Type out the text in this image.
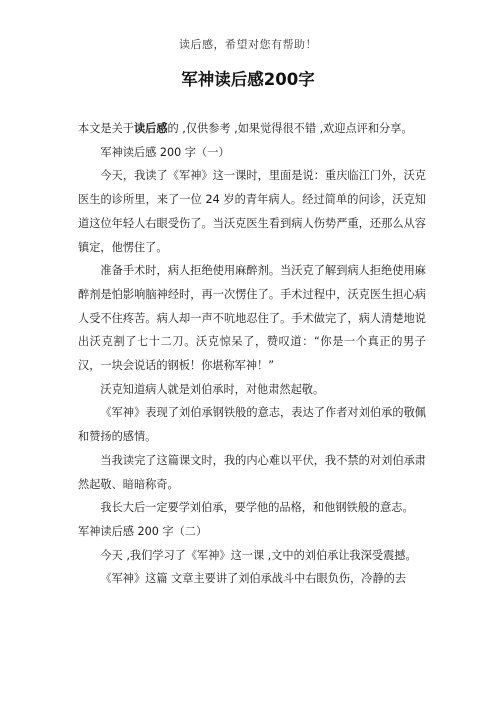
读后感，希望对您有帮助！
军神读后感200字

本文是关于读后感的 ,仅供参考 ,如果觉得很不错 ,欢迎点评和分享。

军神读后感 200 字（一）

今天，我读了《军神》这一课时，里面是说：重庆临江门外，沃克医生的诊所里，来了一位 24 岁的青年病人。经过简单的问诊，沃克知道这位年轻人右眼受伤了。当沃克医生看到病人伤势严重，还那么从容镇定，他愣住了。

准备手术时，病人拒绝使用麻醉剂。当沃克了解到病人拒绝使用麻醉剂是怕影响脑神经时，再一次愣住了。手术过程中，沃克医生担心病人受不住疼苦。病人却一声不吭地忍住了。手术做完了，病人清楚地说出沃克割了七十二刀。沃克惊呆了，赞叹道：“你是一个真正的男子汉，一块会说话的钢板！你堪称军神！”

沃克知道病人就是刘伯承时，对他肃然起敬。

《军神》表现了刘伯承钢铁般的意志，表达了作者对刘伯承的敬佩和赞扬的感情。

当我读完了这篇课文时，我的内心难以平伏，我不禁的对刘伯承肃然起敬、暗暗称奇。

我长大后一定要学刘伯承，要学他的品格，和他钢铁般的意志。

军神读后感 200 字（二）

今天 ,我们学习了《军神》这一课 ,文中的刘伯承让我深受震撼。

《军神》这篇 文章主要讲了刘伯承战斗中右眼负伤，冷静的去
